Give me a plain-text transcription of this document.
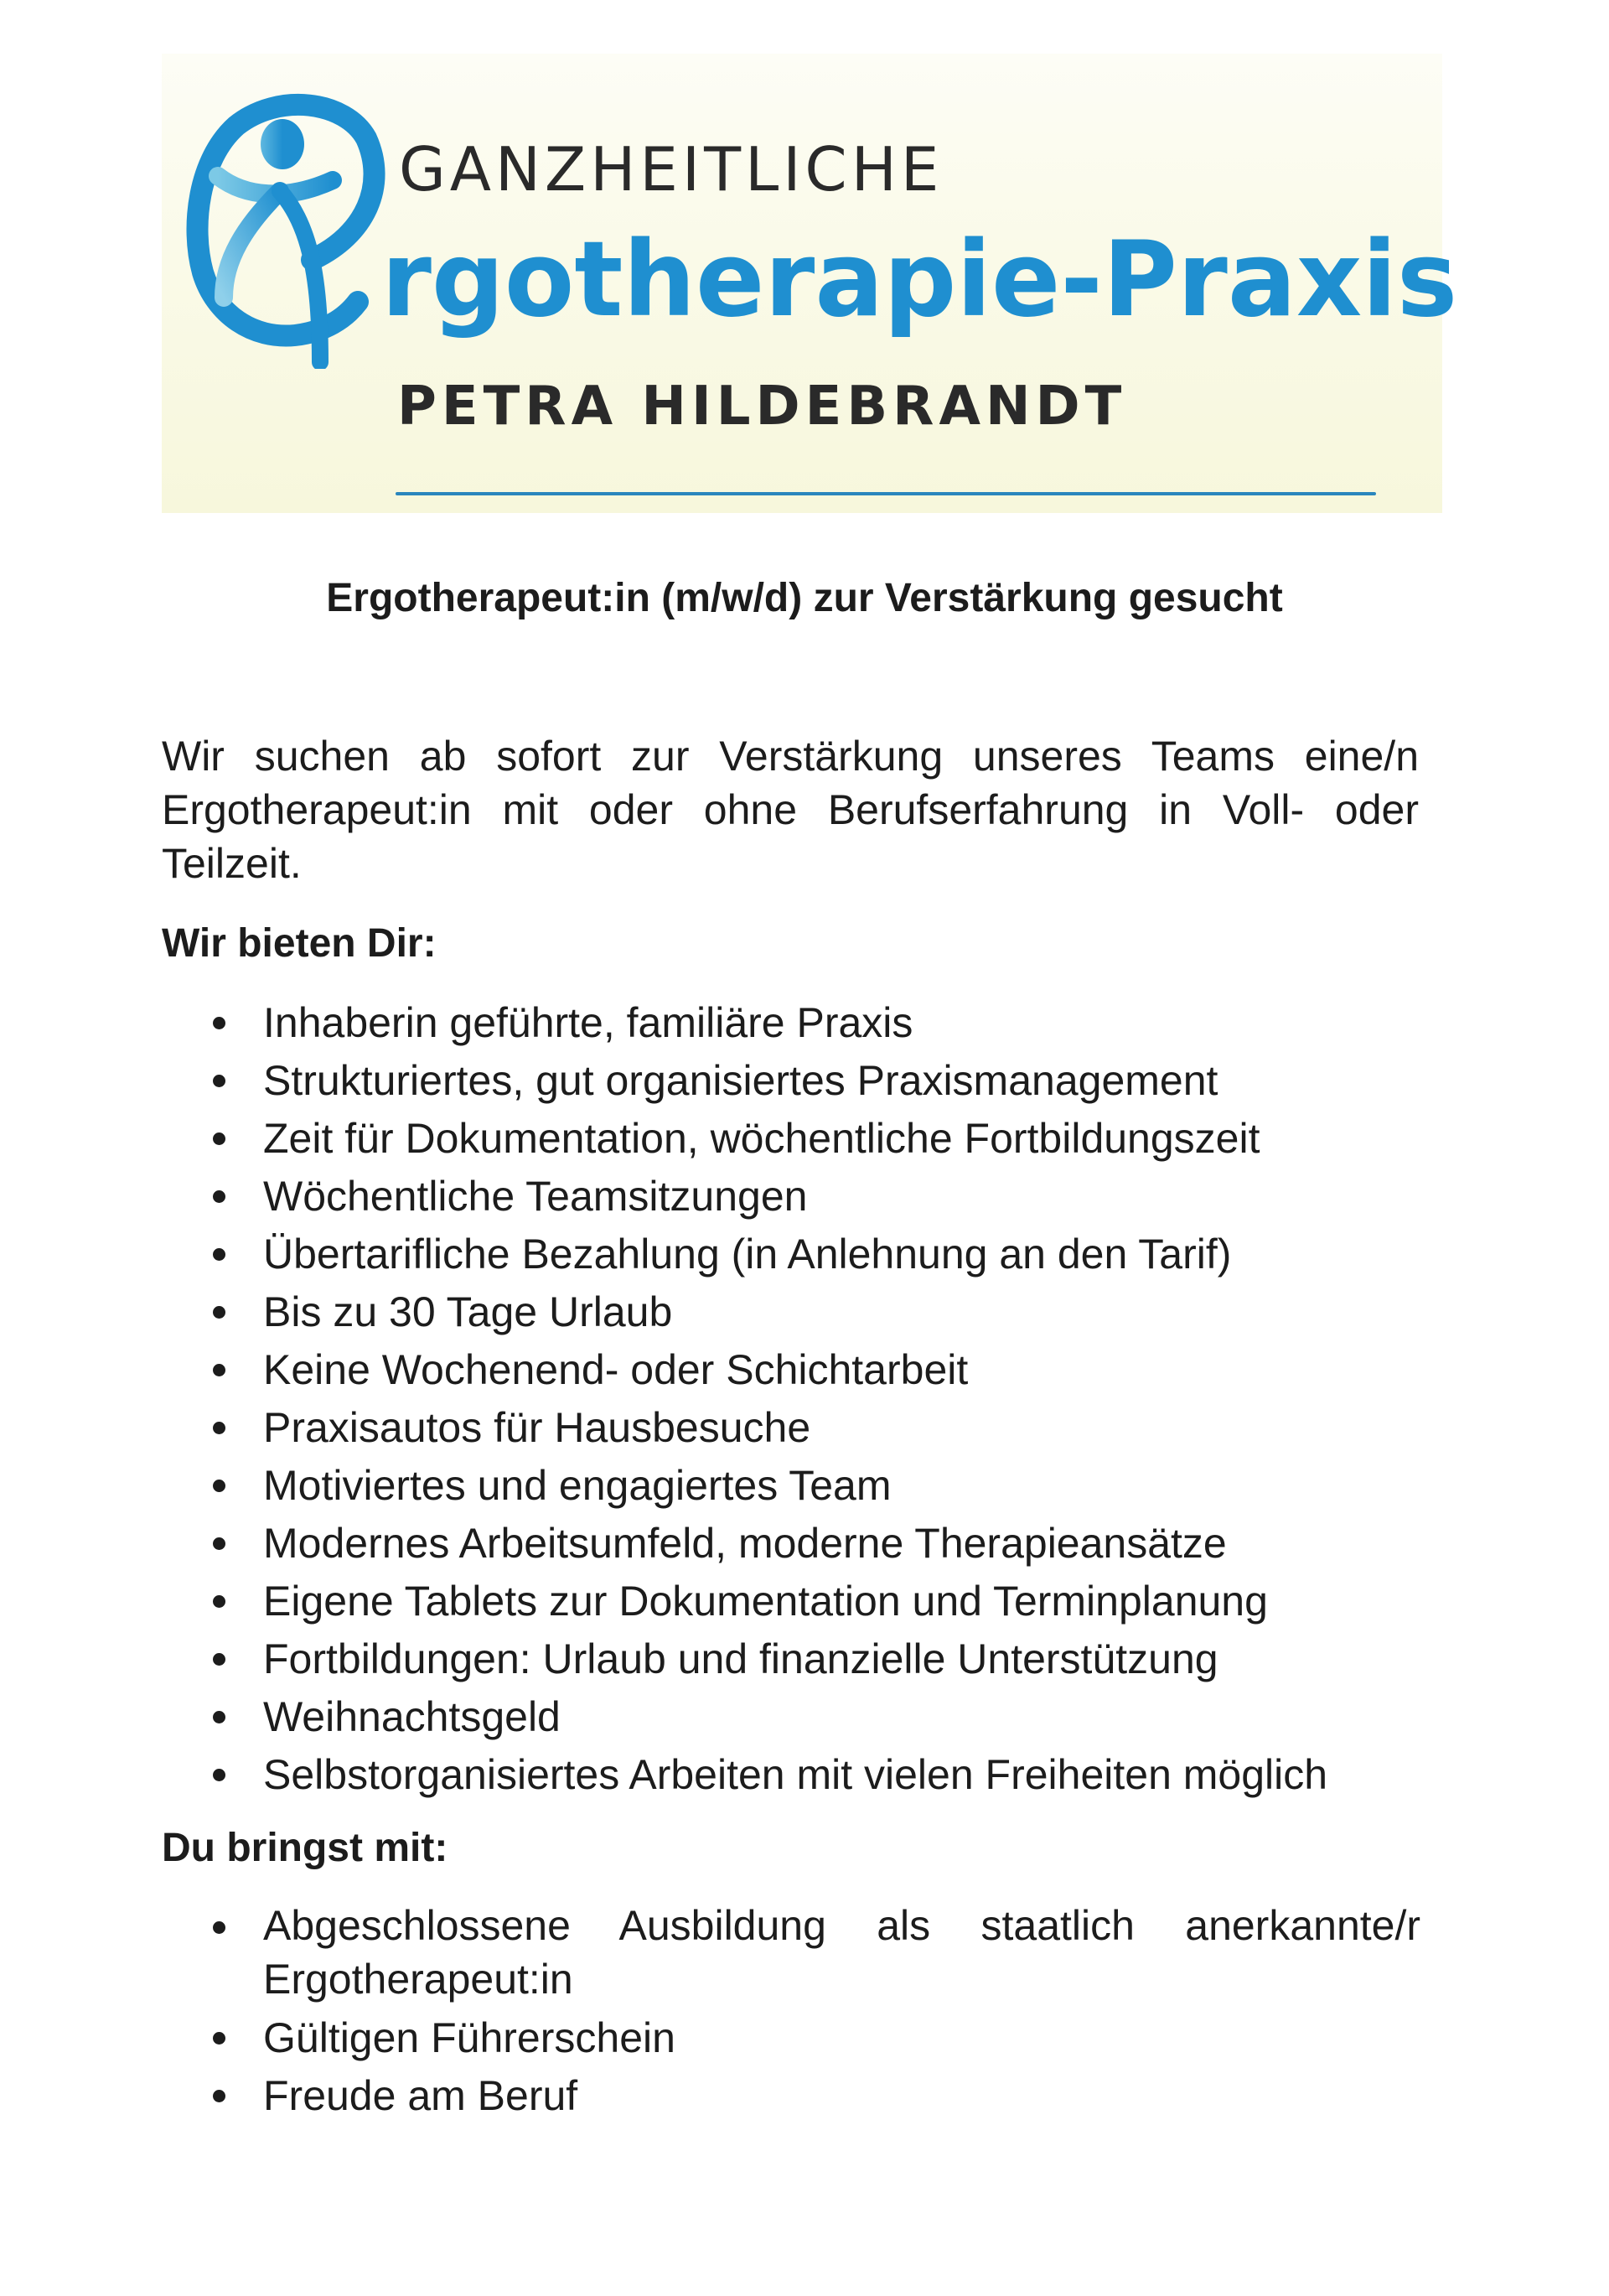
GANZHEITLICHE
rgotherapie-Praxis
PETRA HILDEBRANDT
Ergotherapeut:in (m/w/d) zur Verstärkung gesucht
Wir suchen ab sofort zur Verstärkung unseres Teams eine/n Ergotherapeut:in mit oder ohne Berufserfahrung in Voll- oder Teilzeit.
Wir bieten Dir:
Inhaberin geführte, familiäre Praxis
Strukturiertes, gut organisiertes Praxismanagement
Zeit für Dokumentation, wöchentliche Fortbildungszeit
Wöchentliche Teamsitzungen
Übertarifliche Bezahlung (in Anlehnung an den Tarif)
Bis zu 30 Tage Urlaub
Keine Wochenend- oder Schichtarbeit
Praxisautos für Hausbesuche
Motiviertes und engagiertes Team
Modernes Arbeitsumfeld, moderne Therapieansätze
Eigene Tablets zur Dokumentation und Terminplanung
Fortbildungen: Urlaub und finanzielle Unterstützung
Weihnachtsgeld
Selbstorganisiertes Arbeiten mit vielen Freiheiten möglich
Du bringst mit:
Abgeschlossene Ausbildung als staatlich anerkannte/r Ergotherapeut:in
Gültigen Führerschein
Freude am Beruf
